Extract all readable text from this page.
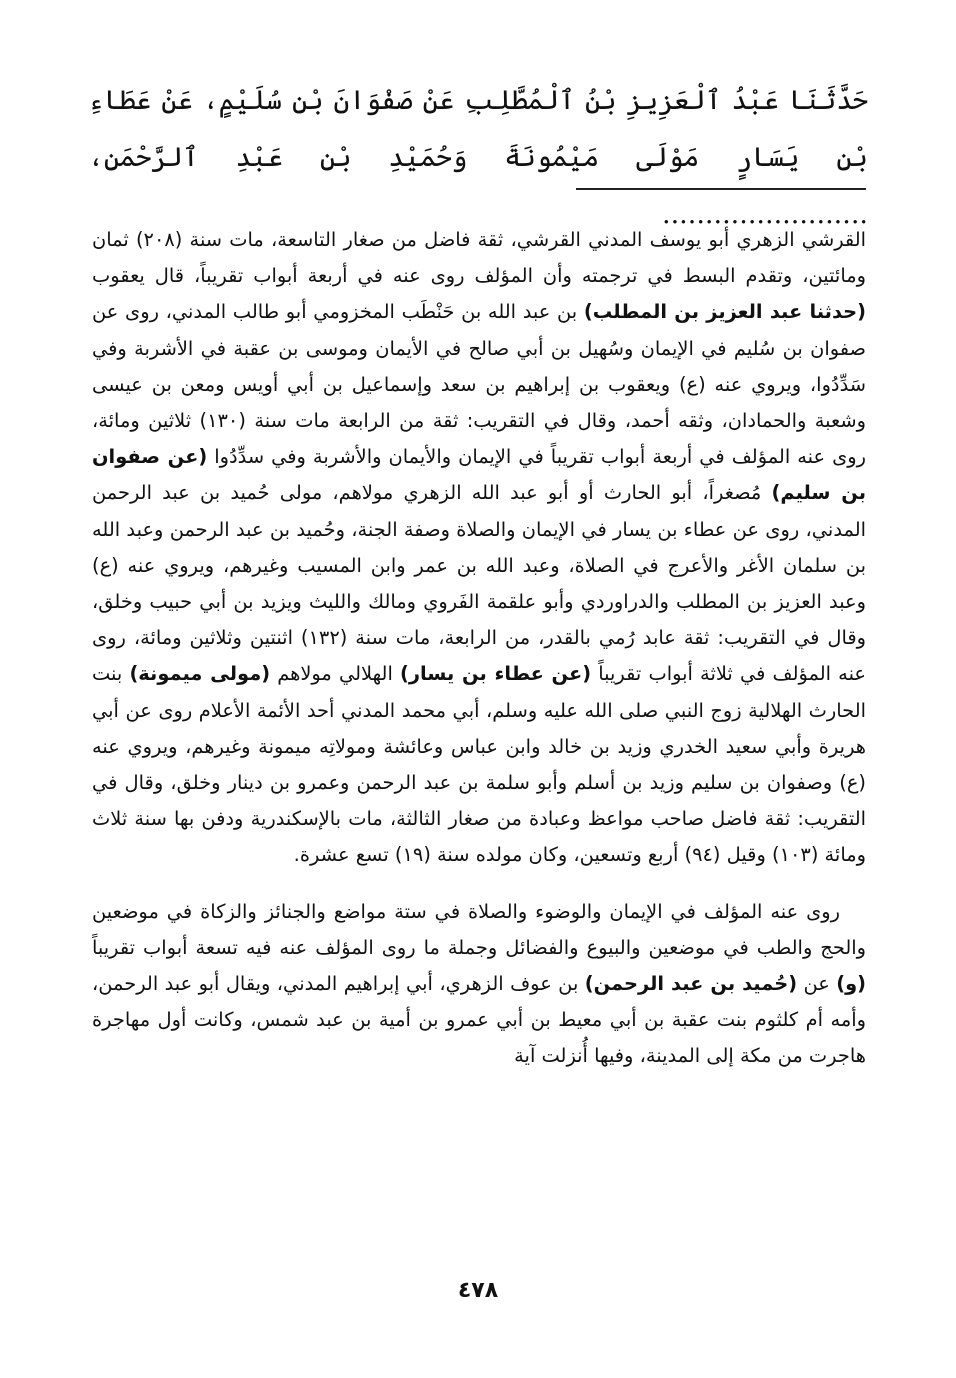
حَدَّثَنَا عَبْدُ ٱلْعَزِيزِ بْنُ ٱلْمُطَّلِبِ عَنْ صَفْوَانَ بْنِ سُلَيْمٍ، عَنْ عَطَاءِ بْنِ يَسَارٍ مَوْلَى مَيْمُونَةَ وَحُمَيْدِ بْنِ عَبْدِ ٱلرَّحْمَنِ، ........................

القرشي الزهري أبو يوسف المدني القرشي، ثقة فاضل من صغار التاسعة، مات سنة (٢٠٨) ثمان ومائتين، وتقدم البسط في ترجمته وأن المؤلف روى عنه في أربعة أبواب تقريباً، قال يعقوب (حدثنا عبد العزيز بن المطلب) بن عبد الله بن حَنْطَب المخزومي أبو طالب المدني، روى عن صفوان بن سُليم في الإيمان وسُهيل بن أبي صالح في الأيمان وموسى بن عقبة في الأشربة وفي سَدِّدُوا، ويروي عنه (ع) ويعقوب بن إبراهيم بن سعد وإسماعيل بن أبي أويس ومعن بن عيسى وشعبة والحمادان، وثقه أحمد، وقال في التقريب: ثقة من الرابعة مات سنة (١٣٠) ثلاثين ومائة، روى عنه المؤلف في أربعة أبواب تقريباً في الإيمان والأيمان والأشربة وفي سدِّدُوا (عن صفوان بن سليم) مُصغراً، أبو الحارث أو أبو عبد الله الزهري مولاهم، مولى حُميد بن عبد الرحمن المدني، روى عن عطاء بن يسار في الإيمان والصلاة وصفة الجنة، وحُميد بن عبد الرحمن وعبد الله بن سلمان الأغر والأعرج في الصلاة، وعبد الله بن عمر وابن المسيب وغيرهم، ويروي عنه (ع) وعبد العزيز بن المطلب والدراوردي وأبو علقمة الفَروي ومالك والليث ويزيد بن أبي حبيب وخلق، وقال في التقريب: ثقة عابد رُمي بالقدر، من الرابعة، مات سنة (١٣٢) اثنتين وثلاثين ومائة، روى عنه المؤلف في ثلاثة أبواب تقريباً (عن عطاء بن يسار) الهلالي مولاهم (مولى ميمونة) بنت الحارث الهلالية زوج النبي صلى الله عليه وسلم، أبي محمد المدني أحد الأئمة الأعلام روى عن أبي هريرة وأبي سعيد الخدري وزيد بن خالد وابن عباس وعائشة ومولاتِه ميمونة وغيرهم، ويروي عنه (ع) وصفوان بن سليم وزيد بن أسلم وأبو سلمة بن عبد الرحمن وعمرو بن دينار وخلق، وقال في التقريب: ثقة فاضل صاحب مواعظ وعبادة من صغار الثالثة، مات بالإسكندرية ودفن بها سنة ثلاث ومائة (١٠٣) وقيل (٩٤) أربع وتسعين، وكان مولده سنة (١٩) تسع عشرة.

روى عنه المؤلف في الإيمان والوضوء والصلاة في ستة مواضع والجنائز والزكاة في موضعين والحج والطب في موضعين والبيوع والفضائل وجملة ما روى المؤلف عنه فيه تسعة أبواب تقريباً (و) عن (حُميد بن عبد الرحمن) بن عوف الزهري، أبي إبراهيم المدني، ويقال أبو عبد الرحمن، وأمه أم كلثوم بنت عقبة بن أبي معيط بن أبي عمرو بن أمية بن عبد شمس، وكانت أول مهاجرة هاجرت من مكة إلى المدينة، وفيها أُنزلت آية

٤٧٨
